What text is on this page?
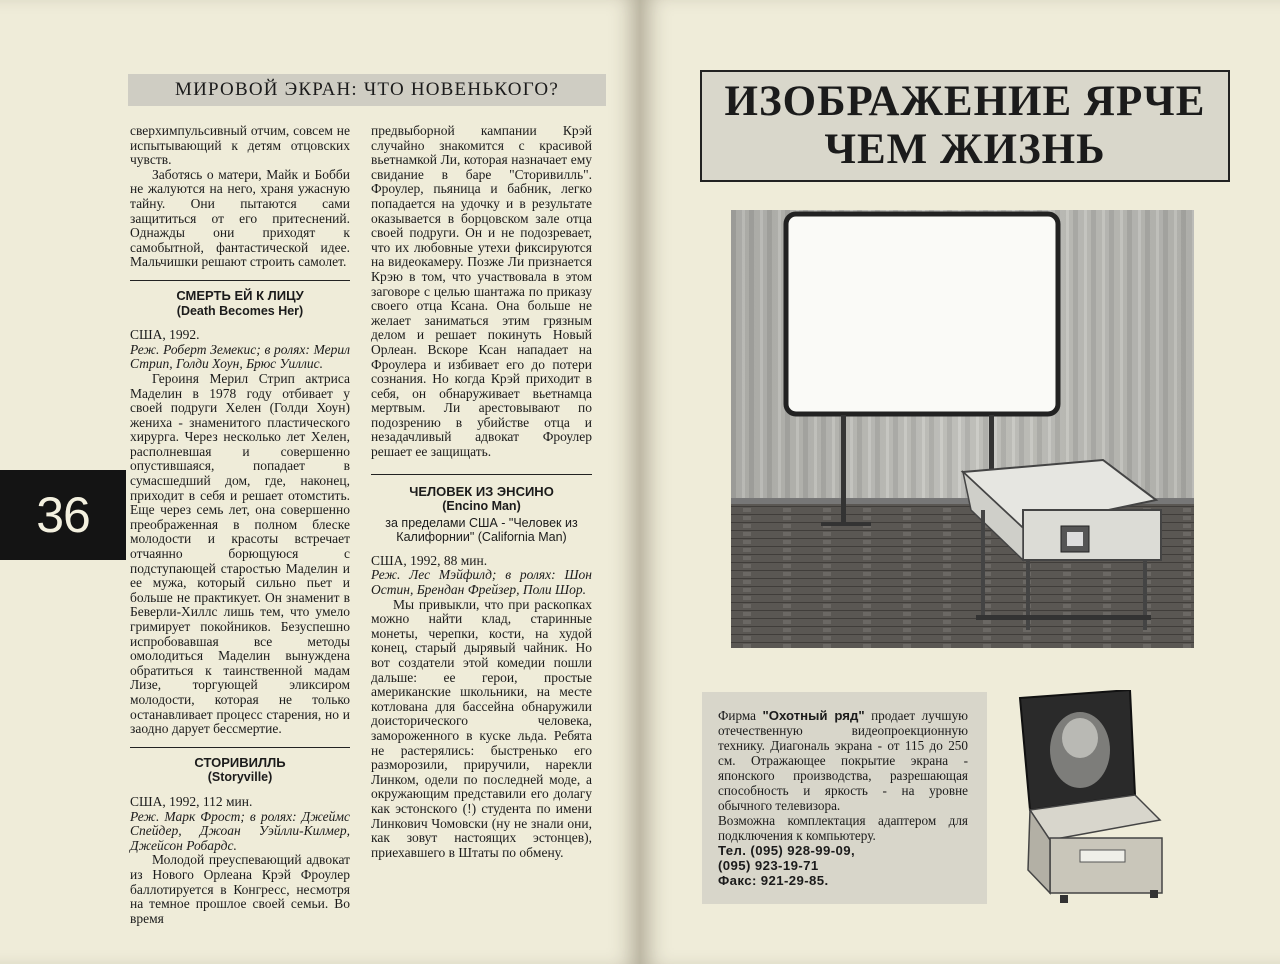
36
МИРОВОЙ ЭКРАН: ЧТО НОВЕНЬКОГО?

сверхимпульсивный отчим, совсем не испытывающий к детям отцовских чувств.

Заботясь о матери, Майк и Бобби не жалуются на него, храня ужасную тайну. Они пытаются сами защититься от его притеснений. Однажды они приходят к самобытной, фантастической идее. Мальчишки решают строить самолет.

СМЕРТЬ ЕЙ К ЛИЦУ
(Death Becomes Her)

США, 1992.

Реж. Роберт Земекис; в ролях: Мерил Стрип, Голди Хоун, Брюс Уиллис.

Героиня Мерил Стрип актриса Маделин в 1978 году отбивает у своей подруги Хелен (Голди Хоун) жениха - знаменитого пластического хирурга. Через несколько лет Хелен, располневшая и совершенно опустившаяся, попадает в сумасшедший дом, где, наконец, приходит в себя и решает отомстить. Еще через семь лет, она совершенно преображенная в полном блеске молодости и красоты встречает отчаянно борющуюся с подступающей старостью Маделин и ее мужа, который сильно пьет и больше не практикует. Он знаменит в Беверли-Хиллс лишь тем, что умело гримирует покойников. Безуспешно испробовавшая все методы омолодиться Маделин вынуждена обратиться к таинственной мадам Лизе, торгующей эликсиром молодости, которая не только останавливает процесс старения, но и заодно дарует бессмертие.

СТОРИВИЛЛЬ
(Storyville)

США, 1992, 112 мин.

Реж. Марк Фрост; в ролях: Джеймс Спейдер, Джоан Уэйлли-Килмер, Джейсон Робардс.

Молодой преуспевающий адвокат из Нового Орлеана Крэй Фроулер баллотируется в Конгресс, несмотря на темное прошлое своей семьи. Во время

предвыборной кампании Крэй случайно знакомится с красивой вьетнамкой Ли, которая назначает ему свидание в баре "Сторивилль". Фроулер, пьяница и бабник, легко попадается на удочку и в результате оказывается в борцовском зале отца своей подруги. Он и не подозревает, что их любовные утехи фиксируются на видеокамеру. Позже Ли признается Крэю в том, что участвовала в этом заговоре с целью шантажа по приказу своего отца Ксана. Она больше не желает заниматься этим грязным делом и решает покинуть Новый Орлеан. Вскоре Ксан нападает на Фроулера и избивает его до потери сознания. Но когда Крэй приходит в себя, он обнаруживает вьетнамца мертвым. Ли арестовывают по подозрению в убийстве отца и незадачливый адвокат Фроулер решает ее защищать.

ЧЕЛОВЕК ИЗ ЭНСИНО
(Encino Man)
за пределами США - "Человек из Калифорнии" (California Man)

США, 1992, 88 мин.

Реж. Лес Мэйфилд; в ролях: Шон Остин, Брендан Фрейзер, Поли Шор.

Мы привыкли, что при раскопках можно найти клад, старинные монеты, черепки, кости, на худой конец, старый дырявый чайник. Но вот создатели этой комедии пошли дальше: ее герои, простые американские школьники, на месте котлована для бассейна обнаружили доисторического человека, замороженного в куске льда. Ребята не растерялись: быстренько его разморозили, приручили, нарекли Линком, одели по последней моде, а окружающим представили его долагу как эстонского (!) студента по имени Линкович Чомовски (ну не знали они, как зовут настоящих эстонцев), приехавшего в Штаты по обмену.

ИЗОБРАЖЕНИЕ ЯРЧЕ
ЧЕМ ЖИЗНЬ

Фирма "Охотный ряд" продает лучшую отечественную видеопроекционную технику. Диагональ экрана - от 115 до 250 см. Отражающее покрытие экрана - японского производства, разрешающая способность и яркость - на уровне обычного телевизора.

Возможна комплектация адаптером для подключения к компьютеру.

Тел. (095) 928-99-09,

(095) 923-19-71

Факс: 921-29-85.
